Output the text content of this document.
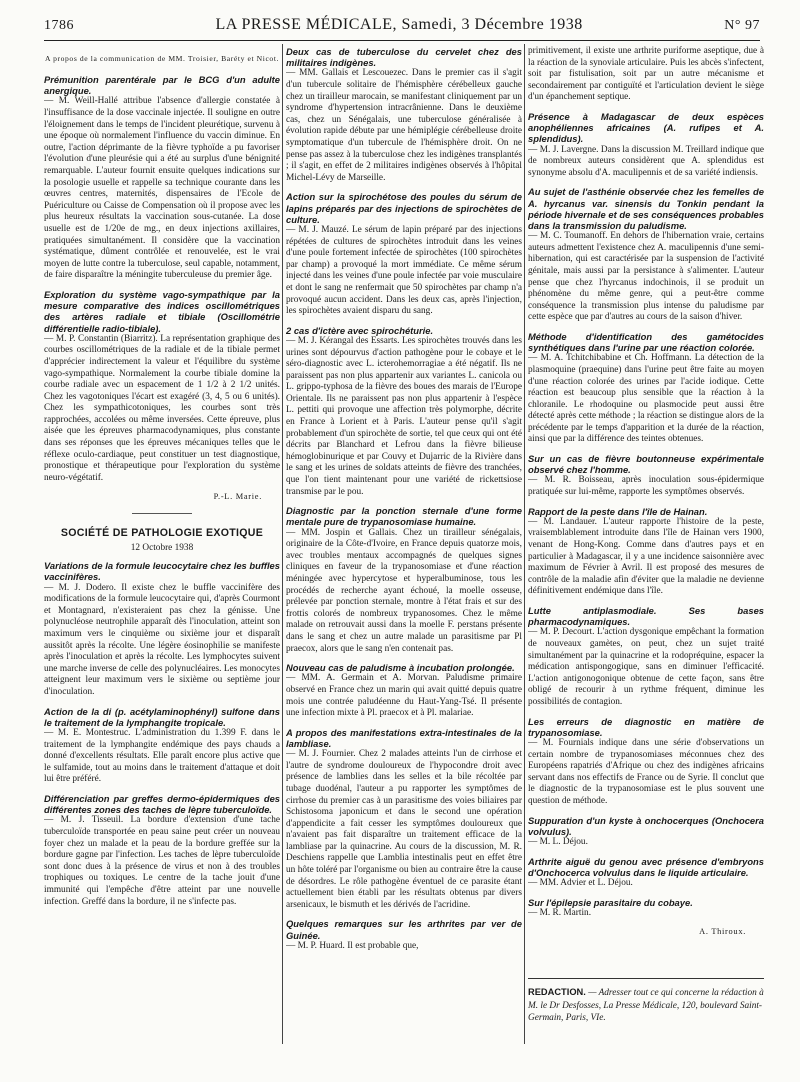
1786	LA PRESSE MÉDICALE, Samedi, 3 Décembre 1938	N° 97
A propos de la communication de MM. Troisier, Baréty et Nicot.
Prémunition parentérale par le BCG d'un adulte anergique.
— M. Weill-Hallé attribue l'absence d'allergie constatée à l'insuffisance de la dose vaccinale injectée. Il souligne en outre l'éloignement dans le temps de l'incident pleurétique, survenu à une époque où normalement l'influence du vaccin diminue. En outre, l'action déprimante de la fièvre typhoïde a pu favoriser l'évolution d'une pleurésie qui a été au surplus d'une bénignité remarquable. L'auteur fournit ensuite quelques indications sur la posologie usuelle et rappelle sa technique courante dans les œuvres centres, maternités, dispensaires de l'Ecole de Puériculture ou Caisse de Compensation où il propose avec les plus heureux résultats la vaccination sous-cutanée. La dose usuelle est de 1/20e de mg., en deux injections axillaires, pratiquées simultanément. Il considère que la vaccination systématique, dûment contrôlée et renouvelée, est le vrai moyen de lutte contre la tuberculose, seul capable, notamment, de faire disparaître la méningite tuberculeuse du premier âge.
Exploration du système vago-sympathique par la mesure comparative des indices oscillométriques des artères radiale et tibiale (Oscillométrie différentielle radio-tibiale).
— M. P. Constantin (Biarritz). La représentation graphique des courbes oscillométriques de la radiale et de la tibiale permet d'apprécier indirectement la valeur et l'équilibre du système vago-sympathique. Normalement la courbe tibiale domine la courbe radiale avec un espacement de 1 1/2 à 2 1/2 unités. Chez les vagotoniques l'écart est exagéré (3, 4, 5 ou 6 unités). Chez les sympathicotoniques, les courbes sont très rapprochées, accolées ou même inversées. Cette épreuve, plus aisée que les épreuves pharmacodynamiques, plus constante dans ses réponses que les épreuves mécaniques telles que le réflexe oculo-cardiaque, peut constituer un test diagnostique, pronostique et thérapeutique pour l'exploration du système neuro-végétatif.
P.-L. Marie.
SOCIÉTÉ DE PATHOLOGIE EXOTIQUE
12 Octobre 1938
Variations de la formule leucocytaire chez les buffles vaccinifères.
— M. J. Dodero. Il existe chez le buffle vaccinifère des modifications de la formule leucocytaire qui, d'après Courmont et Montagnard, n'existeraient pas chez la génisse. Une polynucléose neutrophile apparaît dès l'inoculation, atteint son maximum vers le cinquième ou sixième jour et disparaît aussitôt après la récolte. Une légère éosinophilie se manifeste après l'inoculation et après la récolte. Les lymphocytes suivent une marche inverse de celle des polynucléaires. Les monocytes atteignent leur maximum vers le sixième ou septième jour d'inoculation.
Action de la di (p. acétylaminophényl) sulfone dans le traitement de la lymphangite tropicale.
— M. E. Montestruc. L'administration du 1.399 F. dans le traitement de la lymphangite endémique des pays chauds a donné d'excellents résultats. Elle paraît encore plus active que le sulfamide, tout au moins dans le traitement d'attaque et doit lui être préféré.
Différenciation par greffes dermo-épidermiques des différentes zones des taches de lèpre tuberculoïde.
— M. J. Tisseuil. La bordure d'extension d'une tache tuberculoïde transportée en peau saine peut créer un nouveau foyer chez un malade et la peau de la bordure greffée sur la bordure gagne par l'infection. Les taches de lèpre tuberculoïde sont donc dues à la présence de virus et non à des troubles trophiques ou toxiques. Le centre de la tache jouit d'une immunité qui l'empêche d'être atteint par une nouvelle infection. Greffé dans la bordure, il ne s'infecte pas.
Deux cas de tuberculose du cervelet chez des militaires indigènes.
— MM. Gallais et Lescouezec. Dans le premier cas il s'agit d'un tubercule solitaire de l'hémisphère cérébelleux gauche chez un tirailleur marocain, se manifestant cliniquement par un syndrome d'hypertension intracrânienne. Dans le deuxième cas, chez un Sénégalais, une tuberculose généralisée à évolution rapide débute par une hémiplégie cérébelleuse droite symptomatique d'un tubercule de l'hémisphère droit. On ne pense pas assez à la tuberculose chez les indigènes transplantés ; il s'agit, en effet de 2 militaires indigènes observés à l'hôpital Michel-Lévy de Marseille.
Action sur la spirochétose des poules du sérum de lapins préparés par des injections de spirochètes de culture.
— M. J. Mauzé. Le sérum de lapin préparé par des injections répétées de cultures de spirochètes introduit dans les veines d'une poule fortement infectée de spirochètes (100 spirochètes par champ) a provoqué la mort immédiate. Ce même sérum injecté dans les veines d'une poule infectée par voie musculaire et dont le sang ne renfermait que 50 spirochètes par champ n'a provoqué aucun accident. Dans les deux cas, après l'injection, les spirochètes avaient disparu du sang.
2 cas d'ictère avec spirochéturie.
— M. J. Kérangal des Essarts. Les spirochètes trouvés dans les urines sont dépourvus d'action pathogène pour le cobaye et le séro-diagnostic avec L. icterohemorragiae a été négatif. Ils ne paraissent pas non plus appartenir aux variantes L. canicola ou L. grippo-typhosa de la fièvre des boues des marais de l'Europe Orientale. Ils ne paraissent pas non plus appartenir à l'espèce L. pettiti qui provoque une affection très polymorphe, décrite en France à Lorient et à Paris. L'auteur pense qu'il s'agit probablement d'un spirochète de sortie, tel que ceux qui ont été décrits par Blanchard et Lefrou dans la fièvre bilieuse hémoglobinurique et par Couvy et Dujarric de la Rivière dans le sang et les urines de soldats atteints de fièvre des tranchées, que l'on tient maintenant pour une variété de rickettsiose transmise par le pou.
Diagnostic par la ponction sternale d'une forme mentale pure de trypanosomiase humaine.
— MM. Jospin et Gallais. Chez un tirailleur sénégalais, originaire de la Côte-d'Ivoire, en France depuis quatorze mois, avec troubles mentaux accompagnés de quelques signes cliniques en faveur de la trypanosomiase et d'une réaction méningée avec hypercytose et hyperalbuminose, tous les procédés de recherche ayant échoué, la moelle osseuse, prélevée par ponction sternale, montre à l'état frais et sur des frottis colorés de nombreux trypanosomes. Chez le même malade on retrouvait aussi dans la moelle F. perstans présente dans le sang et chez un autre malade un parasitisme par Pl praecox, alors que le sang n'en contenait pas.
Nouveau cas de paludisme à incubation prolongée.
— MM. A. Germain et A. Morvan. Paludisme primaire observé en France chez un marin qui avait quitté depuis quatre mois une contrée paludéenne du Haut-Yang-Tsé. Il présente une infection mixte à Pl. praecox et à Pl. malariae.
A propos des manifestations extra-intestinales de la lambliase.
— M. J. Fournier. Chez 2 malades atteints l'un de cirrhose et l'autre de syndrome douloureux de l'hypocondre droit avec présence de lamblies dans les selles et la bile récoltée par tubage duodénal, l'auteur a pu rapporter les symptômes de cirrhose du premier cas à un parasitisme des voies biliaires par Schistosoma japonicum et dans le second une opération d'appendicite a fait cesser les symptômes douloureux que n'avaient pas fait disparaître un traitement efficace de la lambliase par la quinacrine. Au cours de la discussion, M. R. Deschiens rappelle que Lamblia intestinalis peut en effet être un hôte toléré par l'organisme ou bien au contraire être la cause de désordres. Le rôle pathogène éventuel de ce parasite étant actuellement bien établi par les résultats obtenus par divers arsenicaux, le bismuth et les dérivés de l'acridine.
Quelques remarques sur les arthrites par ver de Guinée.
— M. P. Huard. Il est probable que,
primitivement, il existe une arthrite puriforme aseptique, due à la réaction de la synoviale articulaire. Puis les abcès s'infectent, soit par fistulisation, soit par un autre mécanisme et secondairement par contiguïté et l'articulation devient le siège d'un épanchement septique.
Présence à Madagascar de deux espèces anophéliennes africaines (A. rufipes et A. splendidus).
— M. J. Lavergne. Dans la discussion M. Treillard indique que de nombreux auteurs considèrent que A. splendidus est synonyme absolu d'A. maculipennis et de sa variété indiensis.
Au sujet de l'asthénie observée chez les femelles de A. hyrcanus var. sinensis du Tonkin pendant la période hivernale et de ses conséquences probables dans la transmission du paludisme.
— M. C. Toumanoff. En dehors de l'hibernation vraie, certains auteurs admettent l'existence chez A. maculipennis d'une semi-hibernation, qui est caractérisée par la suspension de l'activité génitale, mais aussi par la persistance à s'alimenter. L'auteur pense que chez l'hyrcanus indochinois, il se produit un phénomène du même genre, qui a peut-être comme conséquence la transmission plus intense du paludisme par cette espèce que par d'autres au cours de la saison d'hiver.
Méthode d'identification des gamétocides synthétiques dans l'urine par une réaction colorée.
— M. A. Tchitchibabine et Ch. Hoffmann. La détection de la plasmoquine (praequine) dans l'urine peut être faite au moyen d'une réaction colorée des urines par l'acide iodique. Cette réaction est beaucoup plus sensible que la réaction à la chloranile. Le rhodoquine ou plasmocide peut aussi être détecté après cette méthode ; la réaction se distingue alors de la précédente par le temps d'apparition et la durée de la réaction, ainsi que par la différence des teintes obtenues.
Sur un cas de fièvre boutonneuse expérimentale observé chez l'homme.
— M. R. Boisseau, après inoculation sous-épidermique pratiquée sur lui-même, rapporte les symptômes observés.
Rapport de la peste dans l'île de Hainan.
— M. Landauer. L'auteur rapporte l'histoire de la peste, vraisemblablement introduite dans l'île de Hainan vers 1900, venant de Hong-Kong. Comme dans d'autres pays et en particulier à Madagascar, il y a une incidence saisonnière avec maximum de Février à Avril. Il est proposé des mesures de contrôle de la maladie afin d'éviter que la maladie ne devienne définitivement endémique dans l'île.
Lutte antiplasmodiale. Ses bases pharmacodynamiques.
— M. P. Decourt. L'action dysgonique empêchant la formation de nouveaux gamètes, on peut, chez un sujet traité simultanément par la quinacrine et la rodopréquine, espacer la médication antispongogique, sans en diminuer l'efficacité. L'action antigonogonique obtenue de cette façon, sans être obligé de recourir à un rythme fréquent, diminue les possibilités de contagion.
Les erreurs de diagnostic en matière de trypanosomiase.
— M. Fournials indique dans une série d'observations un certain nombre de trypanosomiases méconnues chez des Européens rapatriés d'Afrique ou chez des indigènes africains servant dans nos effectifs de France ou de Syrie. Il conclut que le diagnostic de la trypanosomiase est le plus souvent une question de méthode.
Suppuration d'un kyste à onchocerques (Onchocera volvulus).
— M. L. Déjou.
Arthrite aiguë du genou avec présence d'embryons d'Onchocerca volvulus dans le liquide articulaire.
— MM. Advier et L. Déjou.
Sur l'épilepsie parasitaire du cobaye.
— M. R. Martin.
A. Thiroux.
REDACTION. — Adresser tout ce qui concerne la rédaction à M. le Dr Desfosses, La Presse Médicale, 120, boulevard Saint-Germain, Paris, VIe.
